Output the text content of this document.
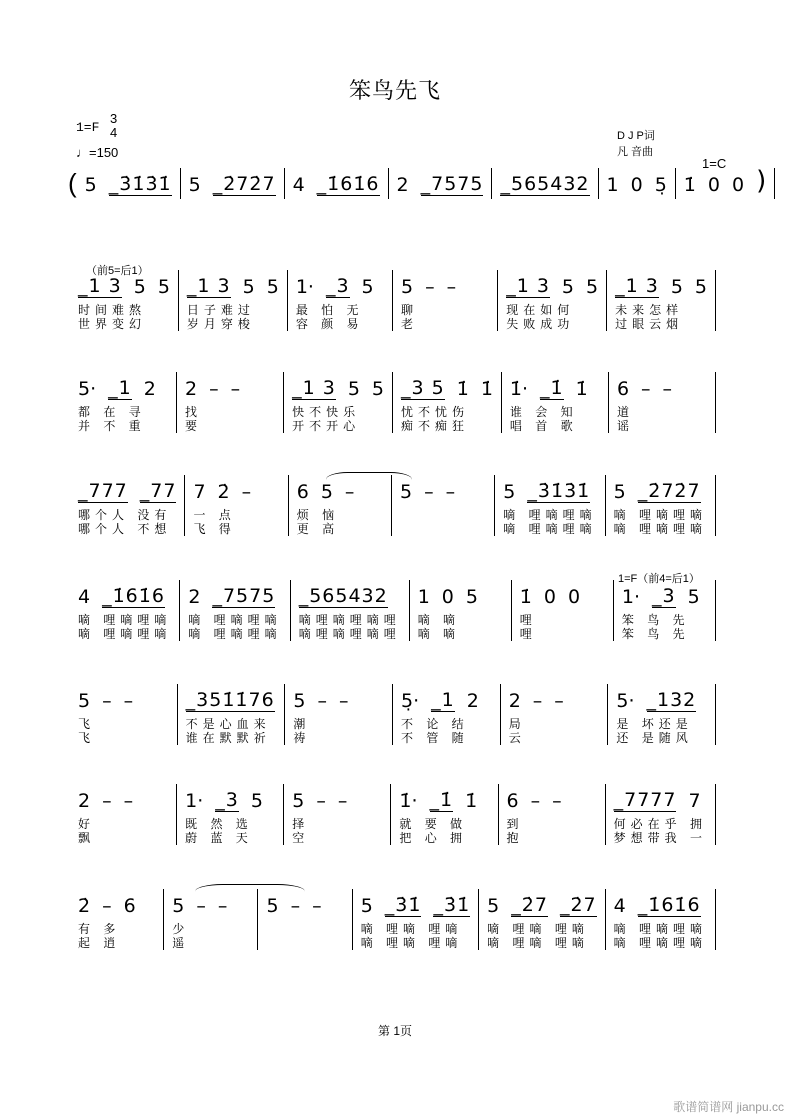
笨鸟先飞
1=F
3
4
♩=150
D J P词
凡 音曲
1=C
（前5=后1）
1=F（前4=后1）
( 5 _3̇1̇3̇1̇ 5 _2̇72̇7 4 _1̇61̇6 2 _7575 _565432 1 0 5̣ 1̇ 0 0 )
_1 3 5 5
时间难熬
世界变幻
_1 3 5 5
日子难过
岁月穿梭
1· _3 5
最 怕 无
容 颜 易
5 – –
聊
老
_1 3 5 5
现在如何
失败成功
_1 3 5 5
未来怎样
过眼云烟
5· _1 2
都 在 寻
并 不 重
2 – –
找
要
_1 3 5 5
快不快乐
开不开心
_3 5 1̇ 1̇
忧不忧伤
痴不痴狂
1̇· _1̇ 1̇
谁 会 知
唱 首 歌
6 – –
道
谣
_777 _77
哪个人 没有
哪个人 不想
7 2̇ –
一 点
飞 得
6 5 –
烦 恼
更 高
5 – –	5 _3̇1̇3̇1̇
嘀 哩嘀哩嘀
嘀 哩嘀哩嘀
5 _2̇72̇7
嘀 哩嘀哩嘀
嘀 哩嘀哩嘀
4 _1̇61̇6
嘀 哩嘀哩嘀
嘀 哩嘀哩嘀
2 _7575
嘀 哩嘀哩嘀
嘀 哩嘀哩嘀
_565432
嘀哩嘀哩嘀哩
嘀哩嘀哩嘀哩
1 0 5
嘀 嘀
嘀 嘀
1̇ 0 0
哩
哩
1· _3 5
笨 鸟 先
笨 鸟 先
5 – –
飞
飞
_351̇1̇76
不是心血来
谁在默默祈
5 – –
潮
祷
5̣· _1 2
不 论 结
不 管 随
2 – –
局
云
5· _132
是 坏还是
还 是随风
2 – –
好
飘
1· _3 5
既 然 选
蔚 蓝 天
5 – –
择
空
1̇· _1̇ 1̇
就 要 做
把 心 拥
6 – –
到
抱
_7777 7
何必在乎 拥
梦想带我 一
2̇ – 6
有 多
起 逍
5 – –
少
遥
5 – – 5 _3̇1̇ _3̇1̇
嘀 哩嘀 哩嘀
嘀 哩嘀 哩嘀
5 _2̇7 _2̇7
嘀 哩嘀 哩嘀
嘀 哩嘀 哩嘀
4 _1̇61̇6
嘀 哩嘀哩嘀
嘀 哩嘀哩嘀
第 1页
歌谱简谱网 jianpu.cc
